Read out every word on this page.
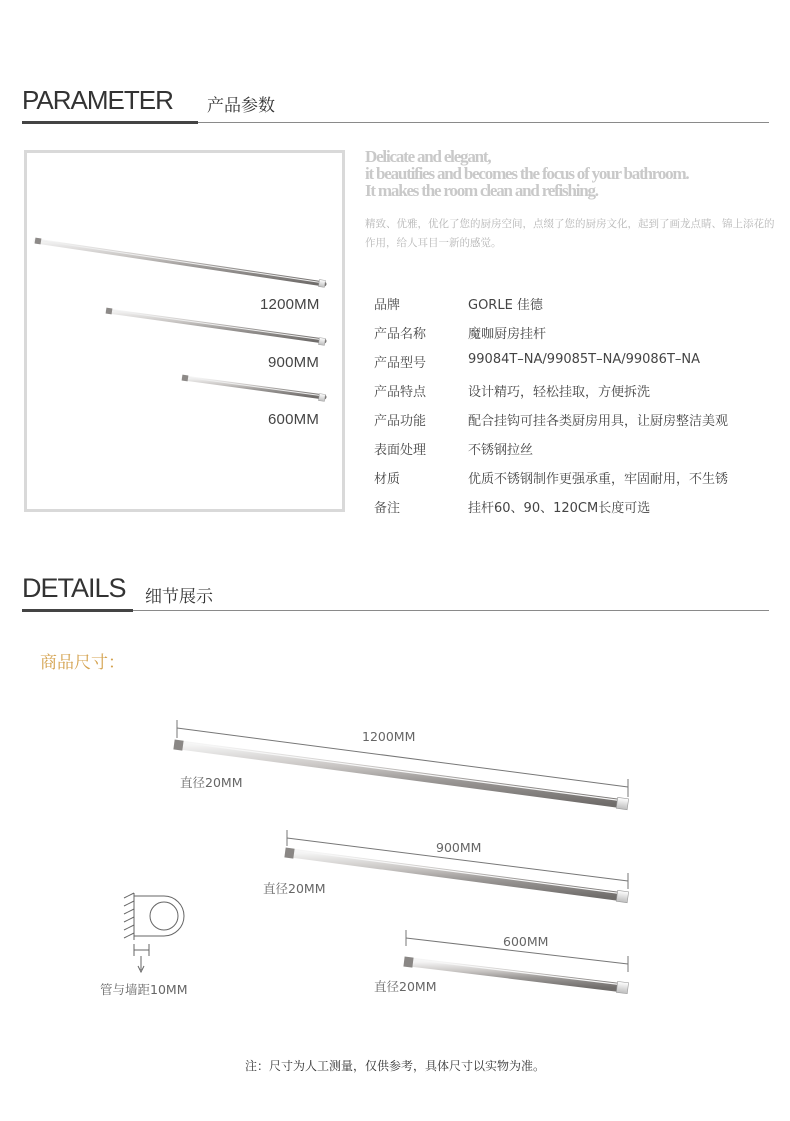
PARAMETER 产品参数
1200MM
900MM
600MM
Delicate and elegant,
it beautifies and becomes the focus of your bathroom.
It makes the room clean and refishing.
精致、优雅，优化了您的厨房空间，点缀了您的厨房文化，起到了画龙点睛、锦上添花的作用，给人耳目一新的感觉。
品牌	GORLE 佳德
产品名称	魔咖厨房挂杆
产品型号	99084T–NA/99085T–NA/99086T–NA
产品特点	设计精巧，轻松挂取，方便拆洗
产品功能	配合挂钩可挂各类厨房用具，让厨房整洁美观
表面处理	不锈钢拉丝
材质	优质不锈钢制作更强承重，牢固耐用，不生锈
备注	挂杆60、90、120CM长度可选
DETAILS 细节展示
商品尺寸：
1200MM
900MM
600MM
直径20MM
直径20MM
直径20MM
管与墙距10MM
注：尺寸为人工测量，仅供参考，具体尺寸以实物为准。
